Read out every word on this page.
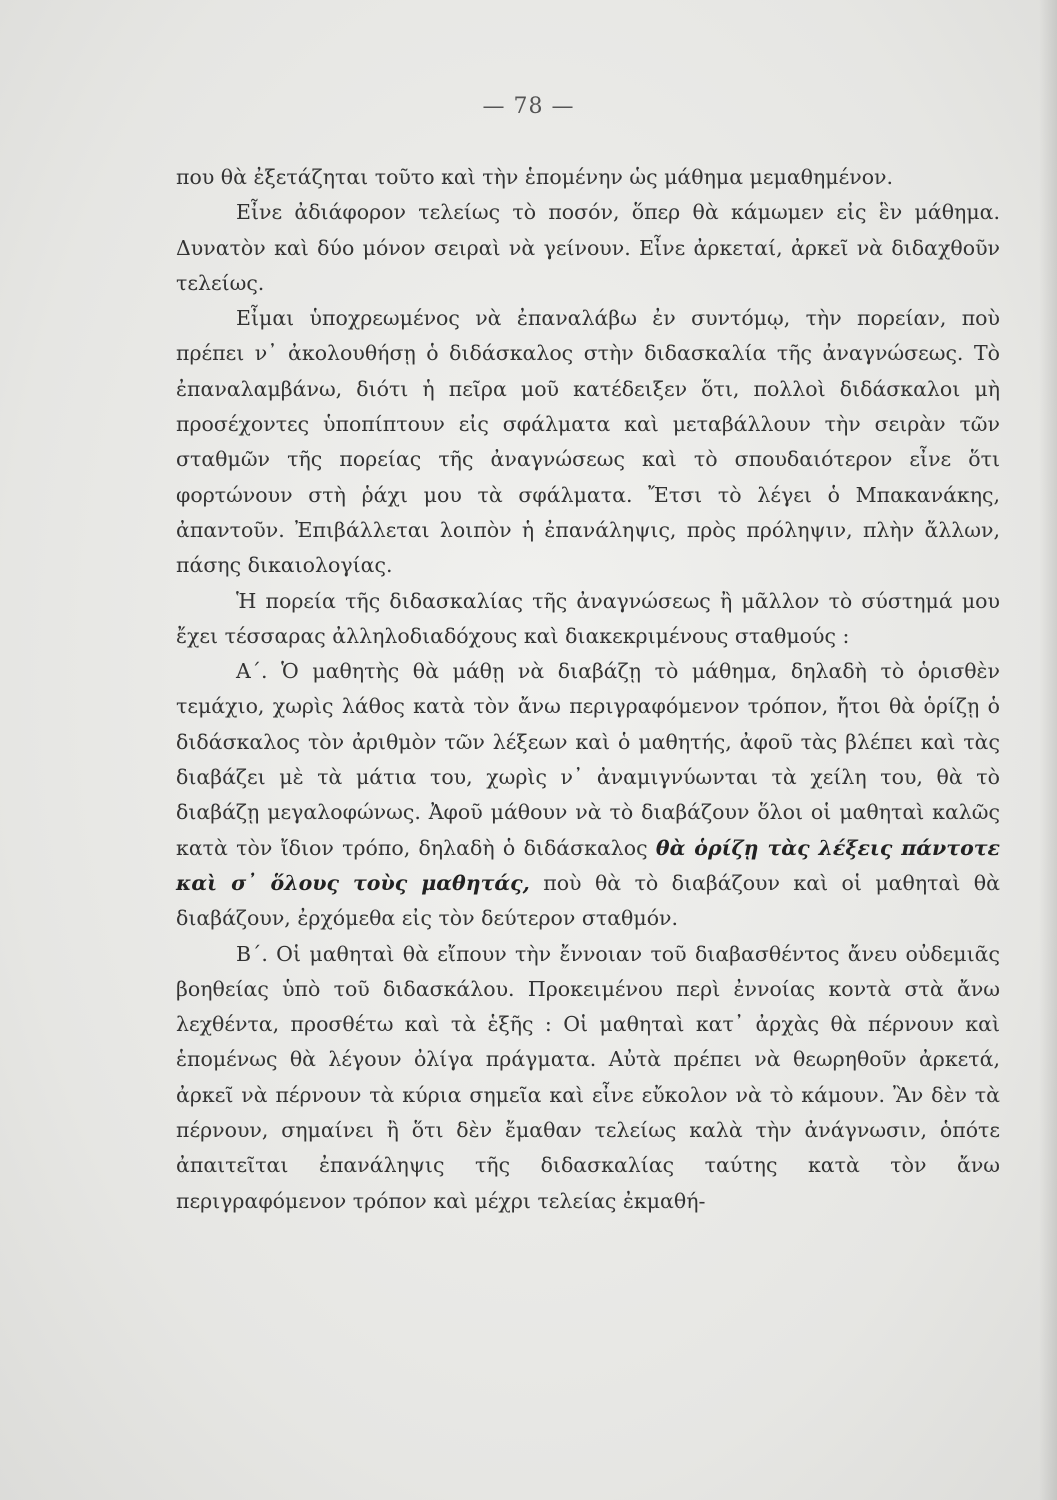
— 78 —

που θὰ ἐξετάζηται τοῦτο καὶ τὴν ἑπομένην ὡς μάθημα μεμαθημένον.

Εἶνε ἀδιάφορον τελείως τὸ ποσόν, ὅπερ θὰ κάμωμεν εἰς ἓν μάθημα. Δυνατὸν καὶ δύο μόνον σειραὶ νὰ γείνουν. Εἶνε ἀρκεταί, ἀρκεῖ νὰ διδαχθοῦν τελείως.

Εἶμαι ὑποχρεωμένος νὰ ἐπαναλάβω ἐν συντόμῳ, τὴν πορείαν, ποὺ πρέπει ν᾿ ἀκολουθήσῃ ὁ διδάσκαλος στὴν διδασκαλία τῆς ἀναγνώσεως. Τὸ ἐπαναλαμβάνω, διότι ἡ πεῖρα μοῦ κατέδειξεν ὅτι, πολλοὶ διδάσκαλοι μὴ προσέχοντες ὑποπίπτουν εἰς σφάλματα καὶ μεταβάλλουν τὴν σειρὰν τῶν σταθμῶν τῆς πορείας τῆς ἀναγνώσεως καὶ τὸ σπουδαιότερον εἶνε ὅτι φορτώνουν στὴ ῥάχι μου τὰ σφάλματα. Ἔτσι τὸ λέγει ὁ Μπακανάκης, ἀπαντοῦν. Ἐπιβάλλεται λοιπὸν ἡ ἐπανάληψις, πρὸς πρόληψιν, πλὴν ἄλλων, πάσης δικαιολογίας.

Ἡ πορεία τῆς διδασκαλίας τῆς ἀναγνώσεως ἢ μᾶλλον τὸ σύστημά μου ἔχει τέσσαρας ἀλληλοδιαδόχους καὶ διακεκριμένους σταθμούς :

Α΄. Ὁ μαθητὴς θὰ μάθῃ νὰ διαβάζῃ τὸ μάθημα, δηλαδὴ τὸ ὁρισθὲν τεμάχιο, χωρὶς λάθος κατὰ τὸν ἄνω περιγραφόμενον τρόπον, ἤτοι θὰ ὁρίζῃ ὁ διδάσκαλος τὸν ἀριθμὸν τῶν λέξεων καὶ ὁ μαθητής, ἀφοῦ τὰς βλέπει καὶ τὰς διαβάζει μὲ τὰ μάτια του, χωρὶς ν᾿ ἀναμιγνύωνται τὰ χείλη του, θὰ τὸ διαβάζῃ μεγαλοφώνως. Ἀφοῦ μάθουν νὰ τὸ διαβάζουν ὅλοι οἱ μαθηταὶ καλῶς κατὰ τὸν ἴδιον τρόπο, δηλαδὴ ὁ διδάσκαλος θὰ ὁρίζῃ τὰς λέξεις πάντοτε καὶ σ᾿ ὅλους τοὺς μαθητάς, ποὺ θὰ τὸ διαβάζουν καὶ οἱ μαθηταὶ θὰ διαβάζουν, ἐρχόμεθα εἰς τὸν δεύτερον σταθμόν.

Β΄. Οἱ μαθηταὶ θὰ εἴπουν τὴν ἔννοιαν τοῦ διαβασθέντος ἄνευ οὐδεμιᾶς βοηθείας ὑπὸ τοῦ διδασκάλου. Προκειμένου περὶ ἐννοίας κοντὰ στὰ ἄνω λεχθέντα, προσθέτω καὶ τὰ ἑξῆς : Οἱ μαθηταὶ κατ᾿ ἀρχὰς θὰ πέρνουν καὶ ἑπομένως θὰ λέγουν ὀλίγα πράγματα. Αὐτὰ πρέπει νὰ θεωρηθοῦν ἀρκετά, ἀρκεῖ νὰ πέρνουν τὰ κύρια σημεῖα καὶ εἶνε εὔκολον νὰ τὸ κάμουν. Ἂν δὲν τὰ πέρνουν, σημαίνει ἢ ὅτι δὲν ἔμαθαν τελείως καλὰ τὴν ἀνάγνωσιν, ὁπότε ἀπαιτεῖται ἐπανάληψις τῆς διδασκαλίας ταύτης κατὰ τὸν ἄνω περιγραφόμενον τρόπον καὶ μέχρι τελείας ἐκμαθή-
